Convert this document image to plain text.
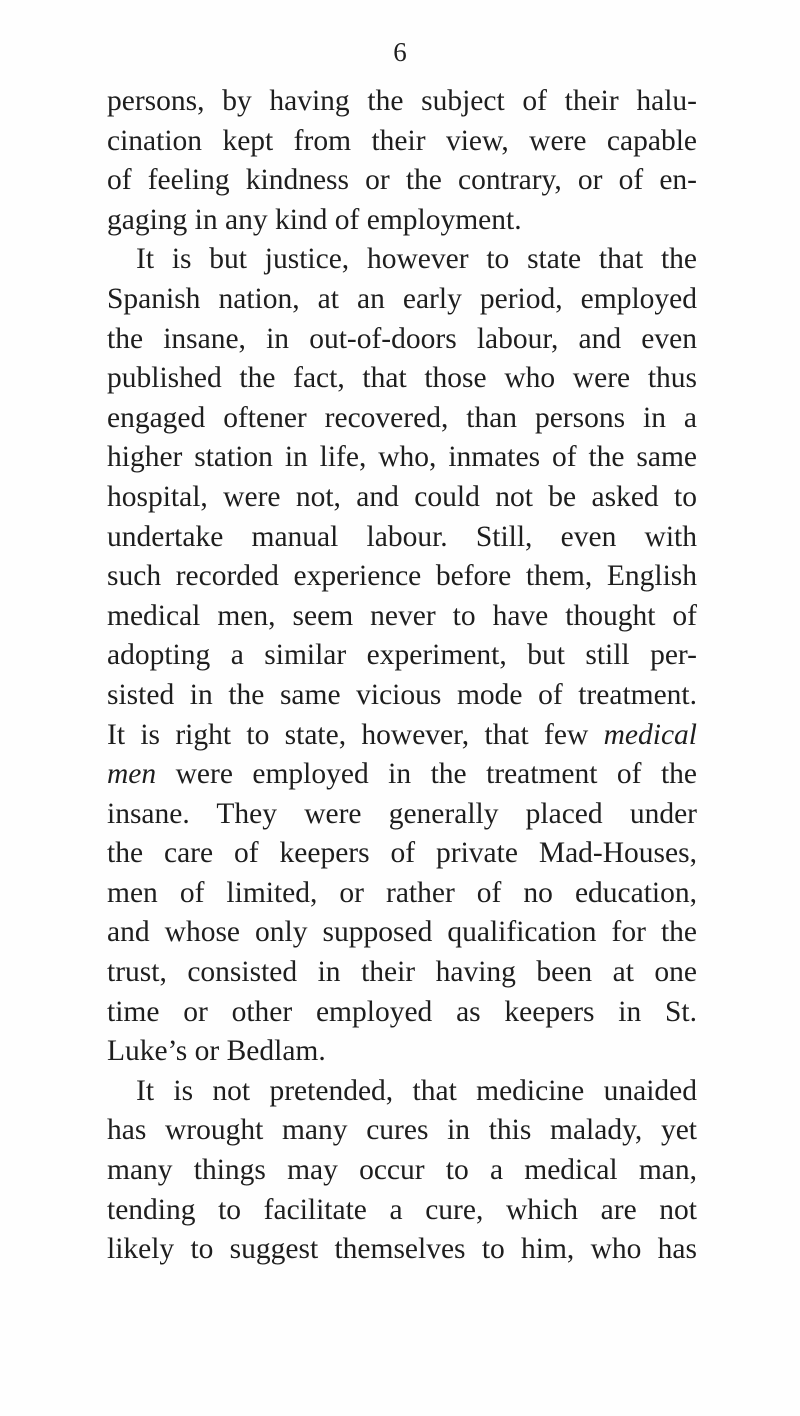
6
persons, by having the subject of their halu-
cination kept from their view, were capable
of feeling kindness or the contrary, or of en-
gaging in any kind of employment.
It is but justice, however to state that the
Spanish nation, at an early period, employed
the insane, in out-of-doors labour, and even
published the fact, that those who were thus
engaged oftener recovered, than persons in a
higher station in life, who, inmates of the same
hospital, were not, and could not be asked to
undertake manual labour. Still, even with
such recorded experience before them, English
medical men, seem never to have thought of
adopting a similar experiment, but still per-
sisted in the same vicious mode of treatment.
It is right to state, however, that few medical
men were employed in the treatment of the
insane. They were generally placed under
the care of keepers of private Mad-Houses,
men of limited, or rather of no education,
and whose only supposed qualification for the
trust, consisted in their having been at one
time or other employed as keepers in St.
Luke’s or Bedlam.
It is not pretended, that medicine unaided
has wrought many cures in this malady, yet
many things may occur to a medical man,
tending to facilitate a cure, which are not
likely to suggest themselves to him, who has
